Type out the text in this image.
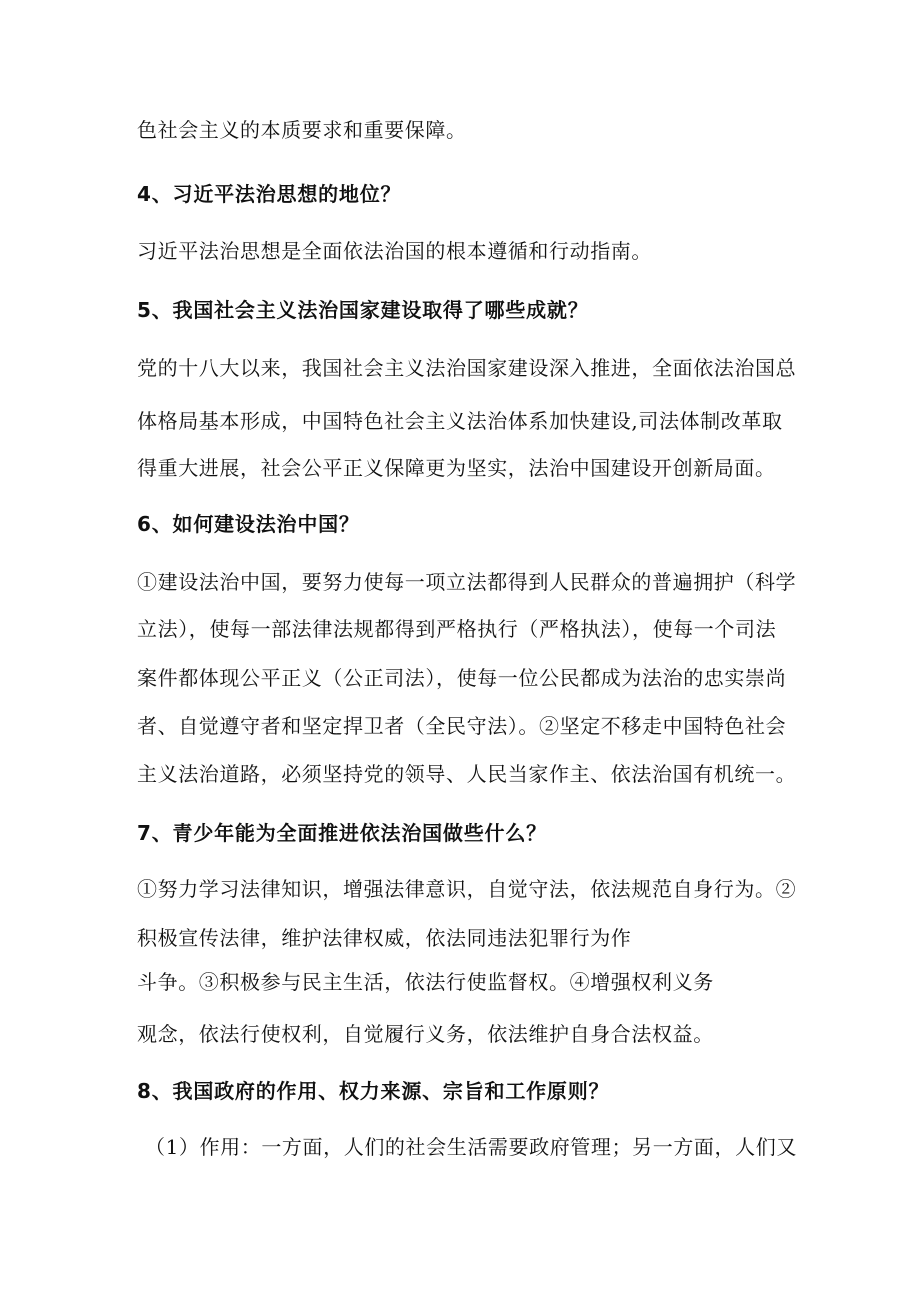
色社会主义的本质要求和重要保障。
4、习近平法治思想的地位？
习近平法治思想是全面依法治国的根本遵循和行动指南。
5、我国社会主义法治国家建设取得了哪些成就？
党的十八大以来，我国社会主义法治国家建设深入推进，全面依法治国总
体格局基本形成，中国特色社会主义法治体系加快建设,司法体制改革取
得重大进展，社会公平正义保障更为坚实，法治中国建设开创新局面。
6、如何建设法治中国？
①建设法治中国，要努力使每一项立法都得到人民群众的普遍拥护（科学
立法），使每一部法律法规都得到严格执行（严格执法），使每一个司法
案件都体现公平正义（公正司法），使每一位公民都成为法治的忠实崇尚
者、自觉遵守者和坚定捍卫者（全民守法）。②坚定不移走中国特色社会
主义法治道路，必须坚持党的领导、人民当家作主、依法治国有机统一。
7、青少年能为全面推进依法治国做些什么？
①努力学习法律知识，增强法律意识，自觉守法，依法规范自身行为。②
积极宣传法律，维护法律权威，依法同违法犯罪行为作
斗争。③积极参与民主生活，依法行使监督权。④增强权利义务
观念，依法行使权利，自觉履行义务，依法维护自身合法权益。
8、我国政府的作用、权力来源、宗旨和工作原则？
（1）作用：一方面，人们的社会生活需要政府管理；另一方面，人们又
